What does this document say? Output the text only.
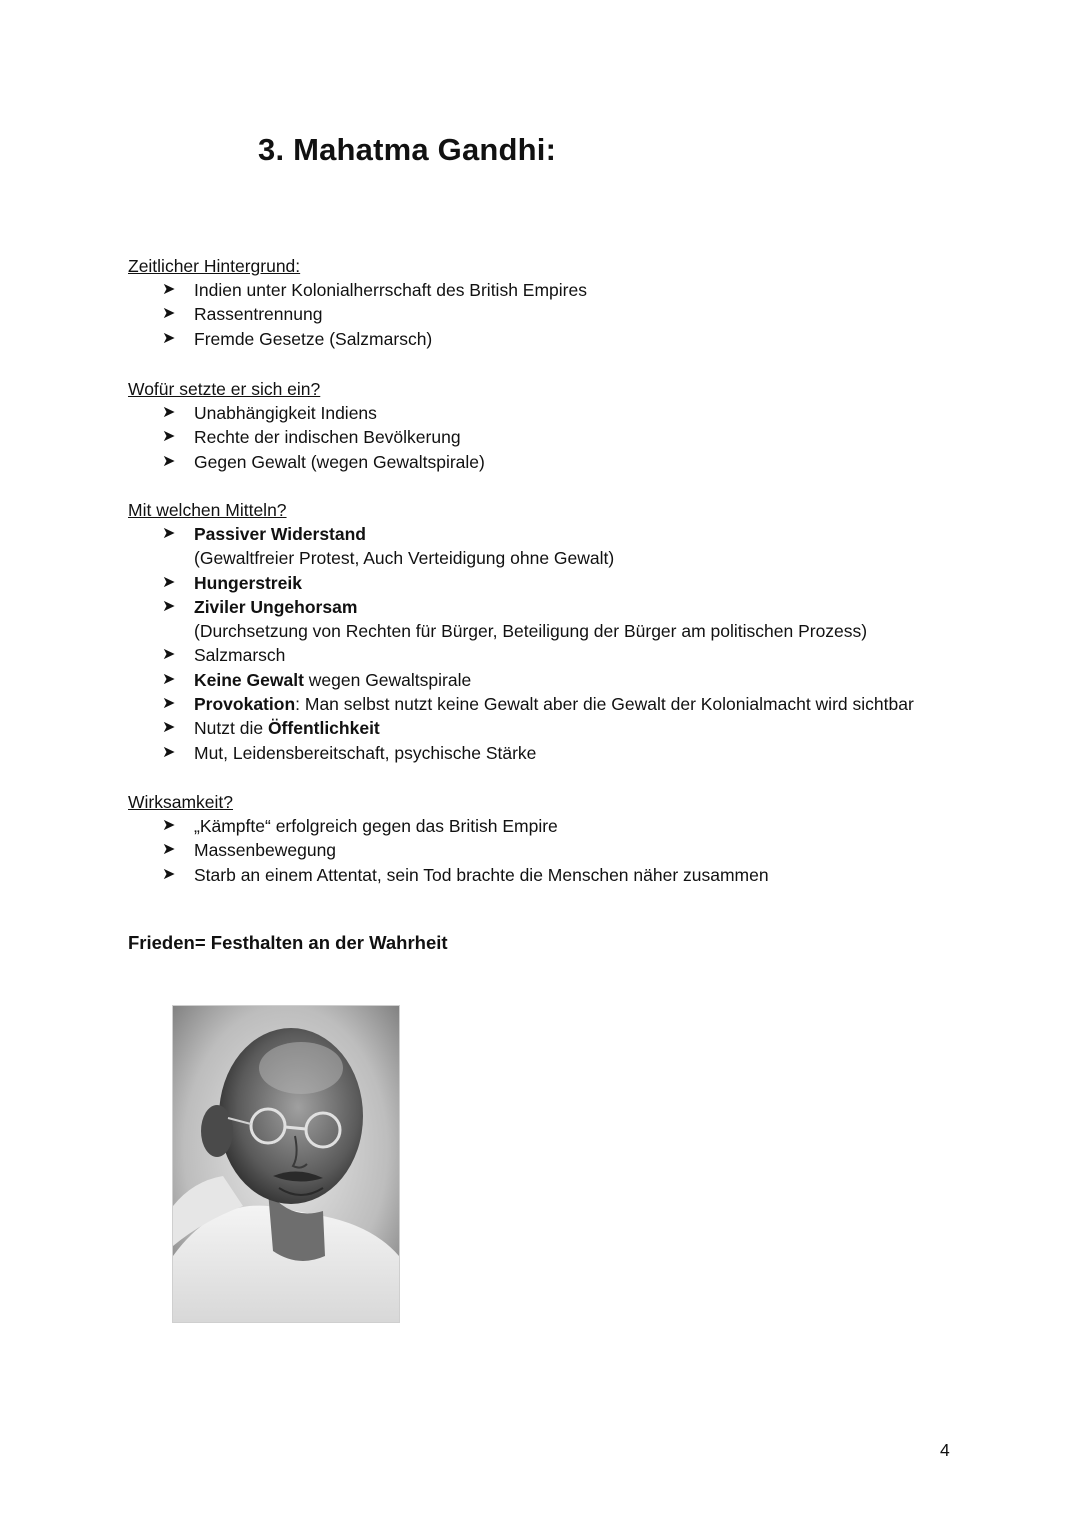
3. Mahatma Gandhi:
Zeitlicher Hintergrund:
➤ Indien unter Kolonialherrschaft des British Empires
➤ Rassentrennung
➤ Fremde Gesetze (Salzmarsch)
Wofür setzte er sich ein?
➤ Unabhängigkeit Indiens
➤ Rechte der indischen Bevölkerung
➤ Gegen Gewalt (wegen Gewaltspirale)
Mit welchen Mitteln?
➤ Passiver Widerstand
(Gewaltfreier Protest, Auch Verteidigung ohne Gewalt)
➤ Hungerstreik
➤ Ziviler Ungehorsam
(Durchsetzung von Rechten für Bürger, Beteiligung der Bürger am politischen Prozess)
➤ Salzmarsch
➤ Keine Gewalt wegen Gewaltspirale
➤ Provokation: Man selbst nutzt keine Gewalt aber die Gewalt der Kolonialmacht wird sichtbar
➤ Nutzt die Öffentlichkeit
➤ Mut, Leidensbereitschaft, psychische Stärke
Wirksamkeit?
➤ „Kämpfte“ erfolgreich gegen das British Empire
➤ Massenbewegung
➤ Starb an einem Attentat, sein Tod brachte die Menschen näher zusammen

Frieden= Festhalten an der Wahrheit

4
